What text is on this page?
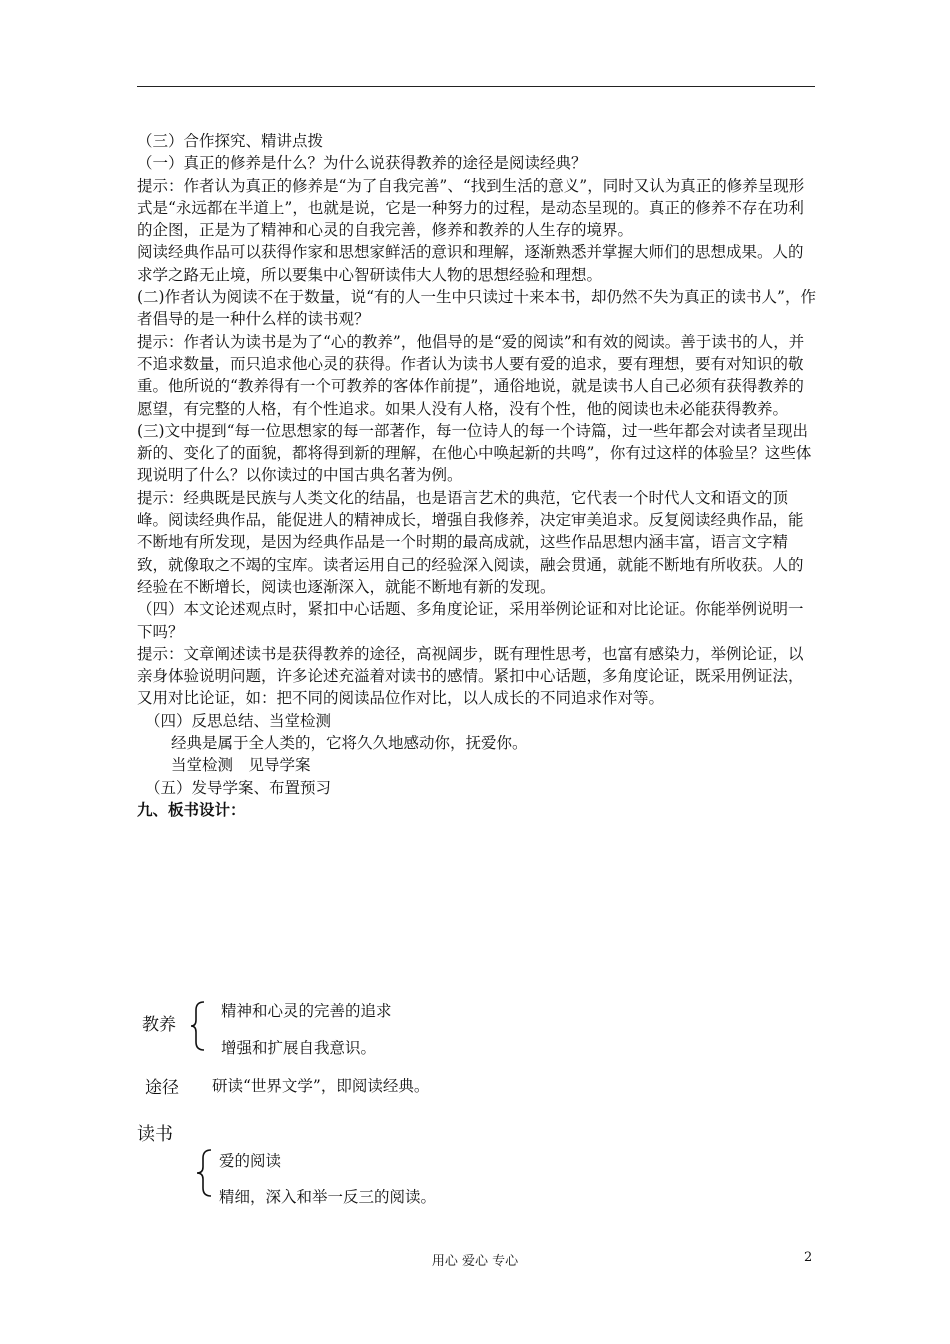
（三）合作探究、精讲点拨

（一）真正的修养是什么？为什么说获得教养的途径是阅读经典？

提示：作者认为真正的修养是“为了自我完善”、“找到生活的意义”，同时又认为真正的修养呈现形式是“永远都在半道上”，也就是说，它是一种努力的过程，是动态呈现的。真正的修养不存在功利的企图，正是为了精神和心灵的自我完善，修养和教养的人生存的境界。

阅读经典作品可以获得作家和思想家鲜活的意识和理解，逐渐熟悉并掌握大师们的思想成果。人的求学之路无止境，所以要集中心智研读伟大人物的思想经验和理想。

(二)作者认为阅读不在于数量，说“有的人一生中只读过十来本书，却仍然不失为真正的读书人”，作者倡导的是一种什么样的读书观？

提示：作者认为读书是为了“心的教养”，他倡导的是“爱的阅读”和有效的阅读。善于读书的人，并不追求数量，而只追求他心灵的获得。作者认为读书人要有爱的追求，要有理想，要有对知识的敬重。他所说的“教养得有一个可教养的客体作前提”，通俗地说，就是读书人自己必须有获得教养的愿望，有完整的人格，有个性追求。如果人没有人格，没有个性，他的阅读也未必能获得教养。

(三)文中提到“每一位思想家的每一部著作，每一位诗人的每一个诗篇，过一些年都会对读者呈现出新的、变化了的面貌，都将得到新的理解，在他心中唤起新的共鸣”，你有过这样的体验呈？这些体现说明了什么？以你读过的中国古典名著为例。

提示：经典既是民族与人类文化的结晶，也是语言艺术的典范，它代表一个时代人文和语文的顶峰。阅读经典作品，能促进人的精神成长，增强自我修养，决定审美追求。反复阅读经典作品，能不断地有所发现，是因为经典作品是一个时期的最高成就，这些作品思想内涵丰富，语言文字精致，就像取之不竭的宝库。读者运用自己的经验深入阅读，融会贯通，就能不断地有所收获。人的经验在不断增长，阅读也逐渐深入，就能不断地有新的发现。

（四）本文论述观点时，紧扣中心话题、多角度论证，采用举例论证和对比论证。你能举例说明一下吗？

提示：文章阐述读书是获得教养的途径，高视阔步，既有理性思考，也富有感染力，举例论证，以亲身体验说明问题，许多论述充溢着对读书的感情。紧扣中心话题，多角度论证，既采用例证法，又用对比论证，如：把不同的阅读品位作对比，以人成长的不同追求作对等。

（四）反思总结、当堂检测

经典是属于全人类的，它将久久地感动你，抚爱你。

当堂检测　见导学案

（五）发导学案、布置预习

九、板书设计：

教养
精神和心灵的完善的追求
增强和扩展自我意识。
途径 研读“世界文学”，即阅读经典。
读书
爱的阅读
精细，深入和举一反三的阅读。
用心 爱心 专心	2
